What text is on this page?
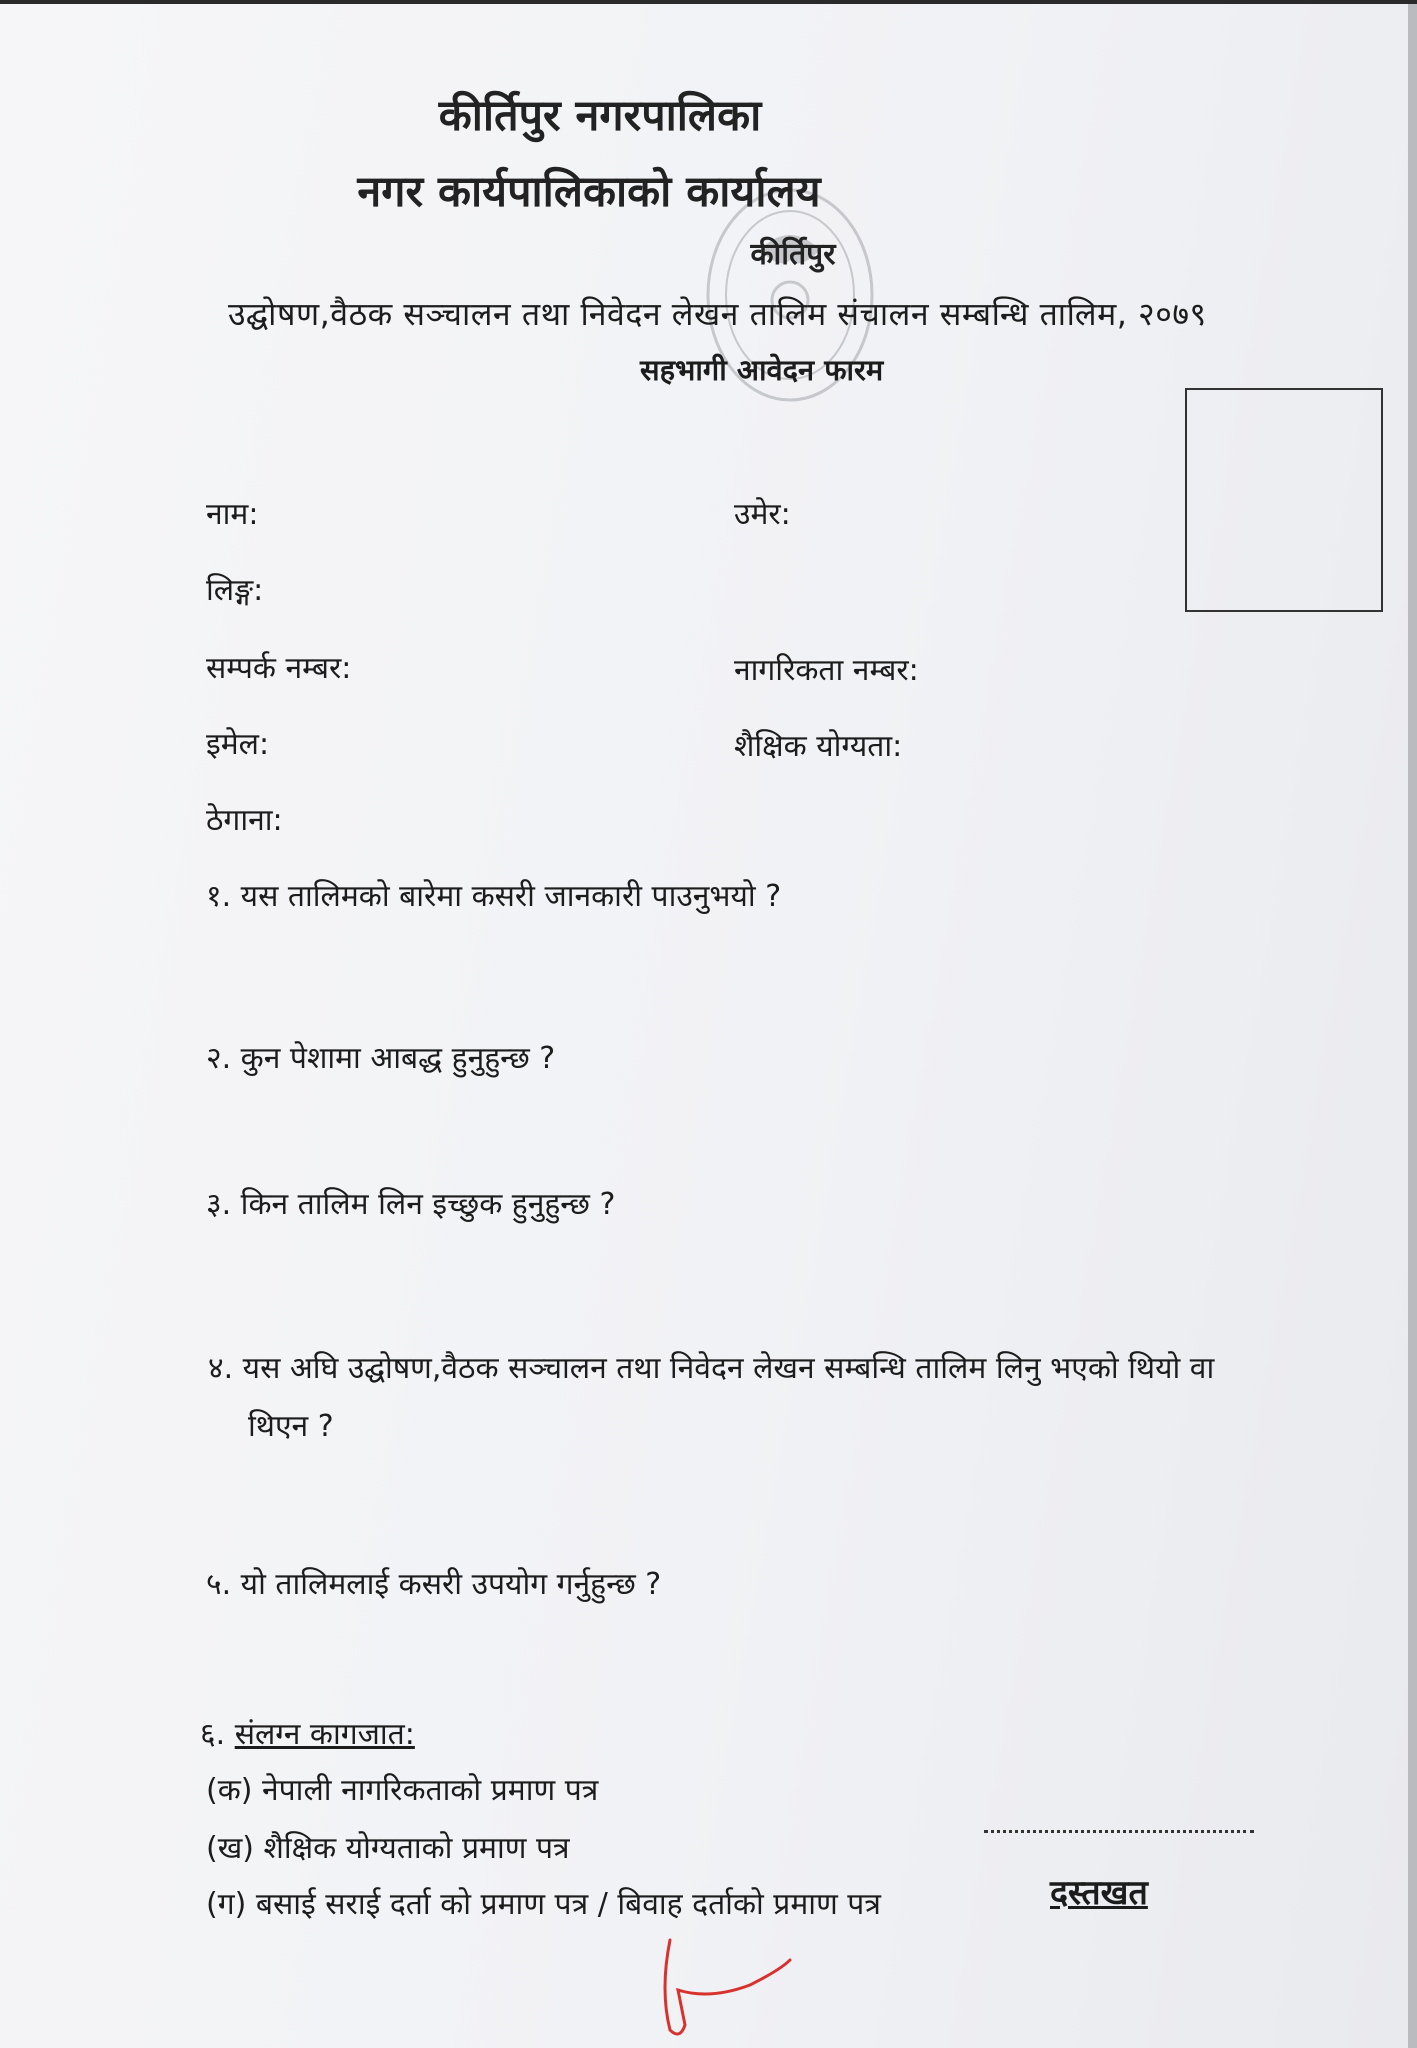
कीर्तिपुर नगरपालिका
नगर कार्यपालिकाको कार्यालय
कीर्तिपुर
उद्घोषण,वैठक सञ्चालन तथा निवेदन लेखन तालिम संचालन सम्बन्धि तालिम, २०७९
सहभागी आवेदन फारम
नाम:	उमेर:
लिङ्ग:
सम्पर्क नम्बर:	नागरिकता नम्बर:
इमेल:	शैक्षिक योग्यता:
ठेगाना:
१. यस तालिमको बारेमा कसरी जानकारी पाउनुभयो ?
२. कुन पेशामा आबद्ध हुनुहुन्छ ?
३. किन तालिम लिन इच्छुक हुनुहुन्छ ?
४. यस अघि उद्घोषण,वैठक सञ्चालन तथा निवेदन लेखन सम्बन्धि तालिम लिनु भएको थियो वा
थिएन ?
५. यो तालिमलाई कसरी उपयोग गर्नुहुन्छ ?
६. संलग्न कागजात:
(क) नेपाली नागरिकताको प्रमाण पत्र
(ख) शैक्षिक योग्यताको प्रमाण पत्र
(ग) बसाई सराई दर्ता को प्रमाण पत्र / बिवाह दर्ताको प्रमाण पत्र	दस्तखत
